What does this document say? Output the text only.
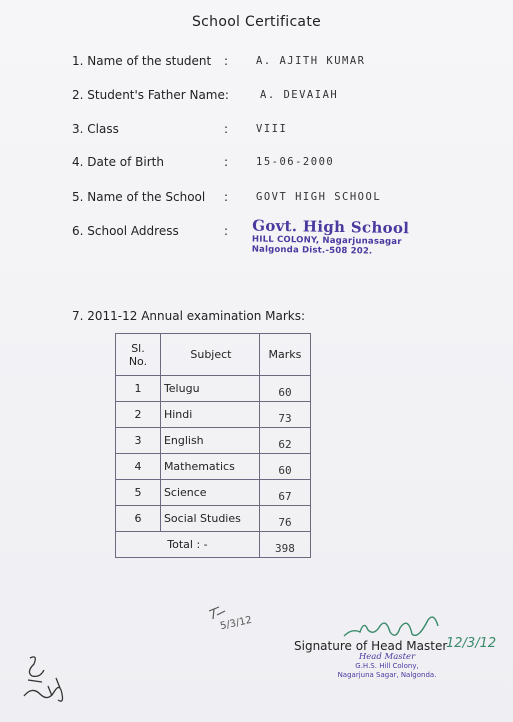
School Certificate
1. Name of the student :	A. AJITH KUMAR
2. Student's Father Name:	A. DEVAIAH
3. Class	:	VIII
4. Date of Birth	:	15-06-2000
5. Name of the School :	GOVT HIGH SCHOOL
6. School Address	: Govt. High School
HILL COLONY, Nagarjunasagar
Nalgonda Dist.-508 202.
7. 2011-12 Annual examination Marks:
Sl.
No.	Subject	Marks
1	Telugu	60
2	Hindi	73
3	English	62
4	Mathematics	60
5	Science	67
6	Social Studies	76
Total : -		398
5/3/12
Signature of Head Master
12/3/12
Head Master
G.H.S. Hill Colony,
Nagarjuna Sagar, Nalgonda.
